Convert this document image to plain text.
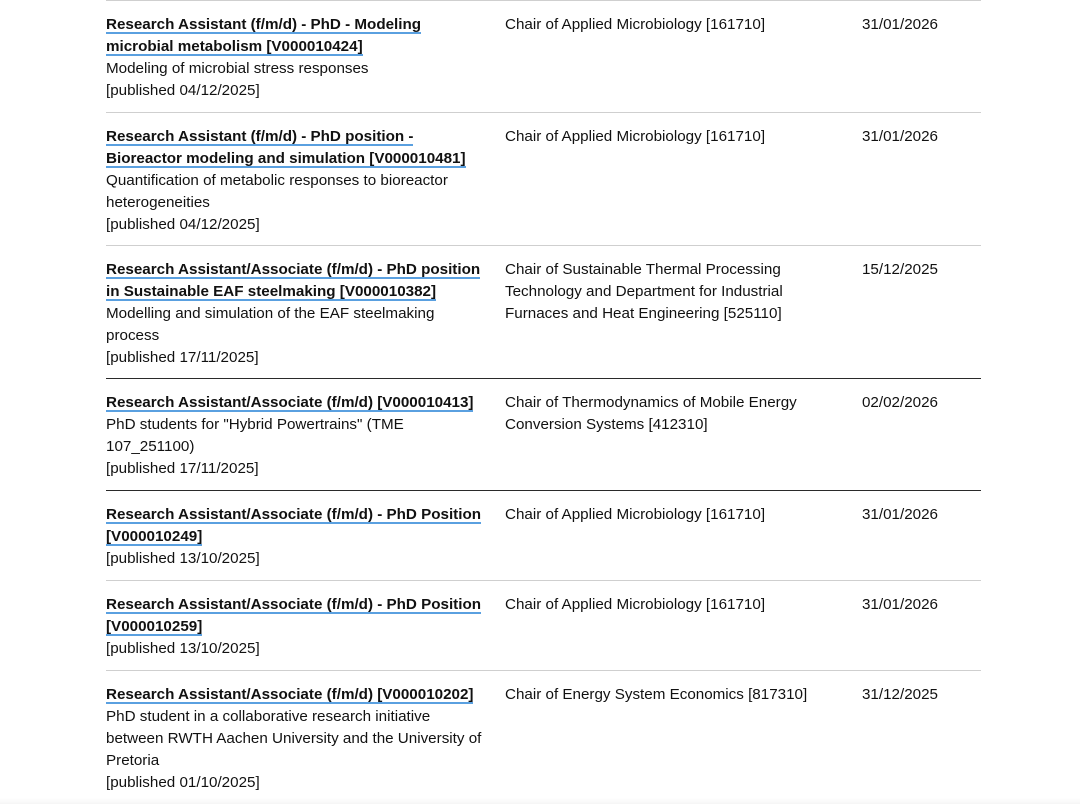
Research Assistant (f/m/d) - PhD - Modeling microbial metabolism [V000010424]
Modeling of microbial stress responses
[published 04/12/2025]
Chair of Applied Microbiology [161710]	31/01/2026
Research Assistant (f/m/d) - PhD position - Bioreactor modeling and simulation [V000010481]
Quantification of metabolic responses to bioreactor heterogeneities
[published 04/12/2025]
Chair of Applied Microbiology [161710]	31/01/2026
Research Assistant/Associate (f/m/d) - PhD position in Sustainable EAF steelmaking [V000010382]
Modelling and simulation of the EAF steelmaking process
[published 17/11/2025]
Chair of Sustainable Thermal Processing Technology and Department for Industrial Furnaces and Heat Engineering [525110]
15/12/2025
Research Assistant/Associate (f/m/d) [V000010413]
PhD students for "Hybrid Powertrains" (TME 107_251100)
[published 17/11/2025]
Chair of Thermodynamics of Mobile Energy Conversion Systems [412310]
02/02/2026
Research Assistant/Associate (f/m/d) - PhD Position [V000010249]
[published 13/10/2025]
Chair of Applied Microbiology [161710]	31/01/2026
Research Assistant/Associate (f/m/d) - PhD Position [V000010259]
[published 13/10/2025]
Chair of Applied Microbiology [161710]	31/01/2026
Research Assistant/Associate (f/m/d) [V000010202]
PhD student in a collaborative research initiative between RWTH Aachen University and the University of Pretoria
[published 01/10/2025]
Chair of Energy System Economics [817310]	31/12/2025
